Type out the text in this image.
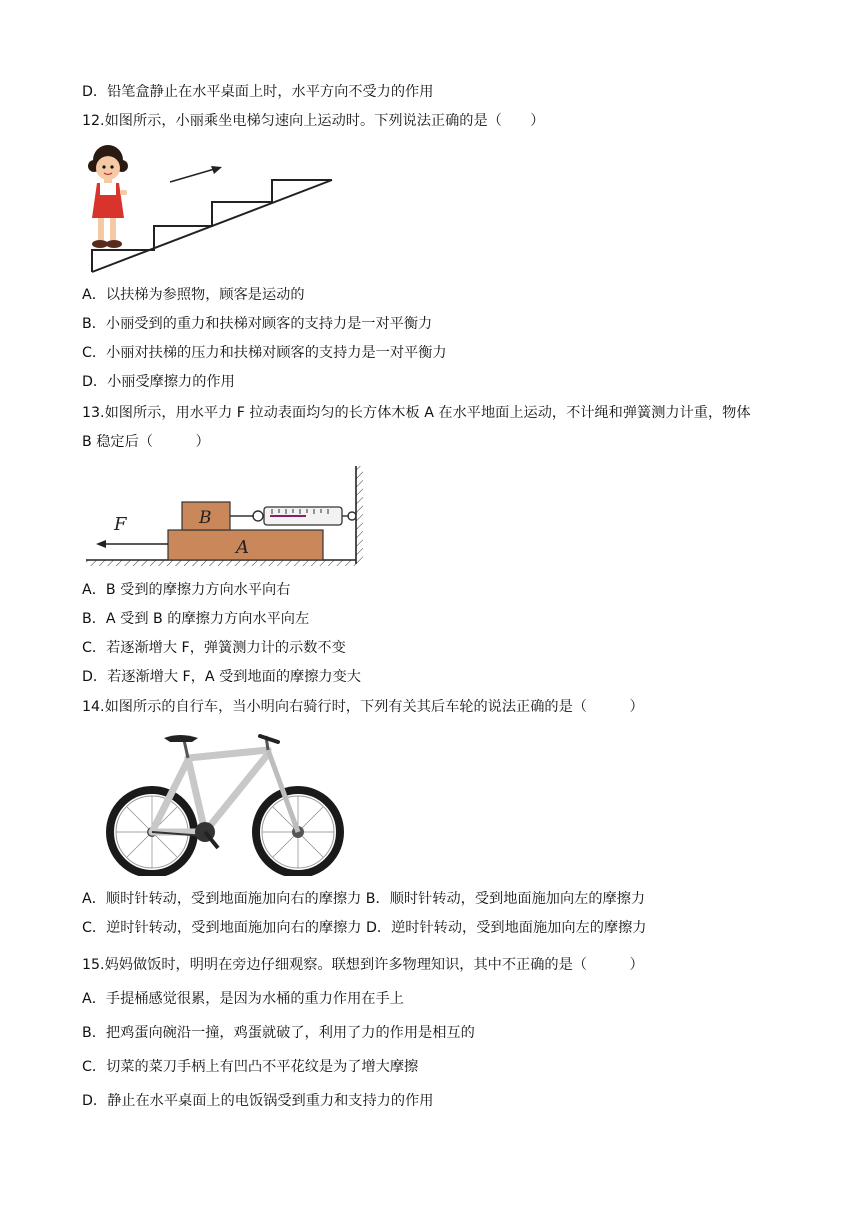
D．铅笔盒静止在水平桌面上时，水平方向不受力的作用
12.如图所示，小丽乘坐电梯匀速向上运动时。下列说法正确的是（　　）
A．以扶梯为参照物，顾客是运动的
B．小丽受到的重力和扶梯对顾客的支持力是一对平衡力
C．小丽对扶梯的压力和扶梯对顾客的支持力是一对平衡力
D．小丽受摩擦力的作用
13.如图所示，用水平力 F 拉动表面均匀的长方体木板 A 在水平地面上运动，不计绳和弹簧测力计重，物体
B 稳定后（　　　）
A
B
F
A．B 受到的摩擦力方向水平向右
B．A 受到 B 的摩擦力方向水平向左
C．若逐渐增大 F，弹簧测力计的示数不变
D．若逐渐增大 F，A 受到地面的摩擦力变大
14.如图所示的自行车，当小明向右骑行时，下列有关其后车轮的说法正确的是（　　　）
A．顺时针转动，受到地面施加向右的摩擦力 B．顺时针转动，受到地面施加向左的摩擦力
C．逆时针转动，受到地面施加向右的摩擦力 D．逆时针转动，受到地面施加向左的摩擦力
15.妈妈做饭时，明明在旁边仔细观察。联想到许多物理知识，其中不正确的是（　　　）
A．手提桶感觉很累，是因为水桶的重力作用在手上
B．把鸡蛋向碗沿一撞，鸡蛋就破了，利用了力的作用是相互的
C．切菜的菜刀手柄上有凹凸不平花纹是为了增大摩擦
D．静止在水平桌面上的电饭锅受到重力和支持力的作用
